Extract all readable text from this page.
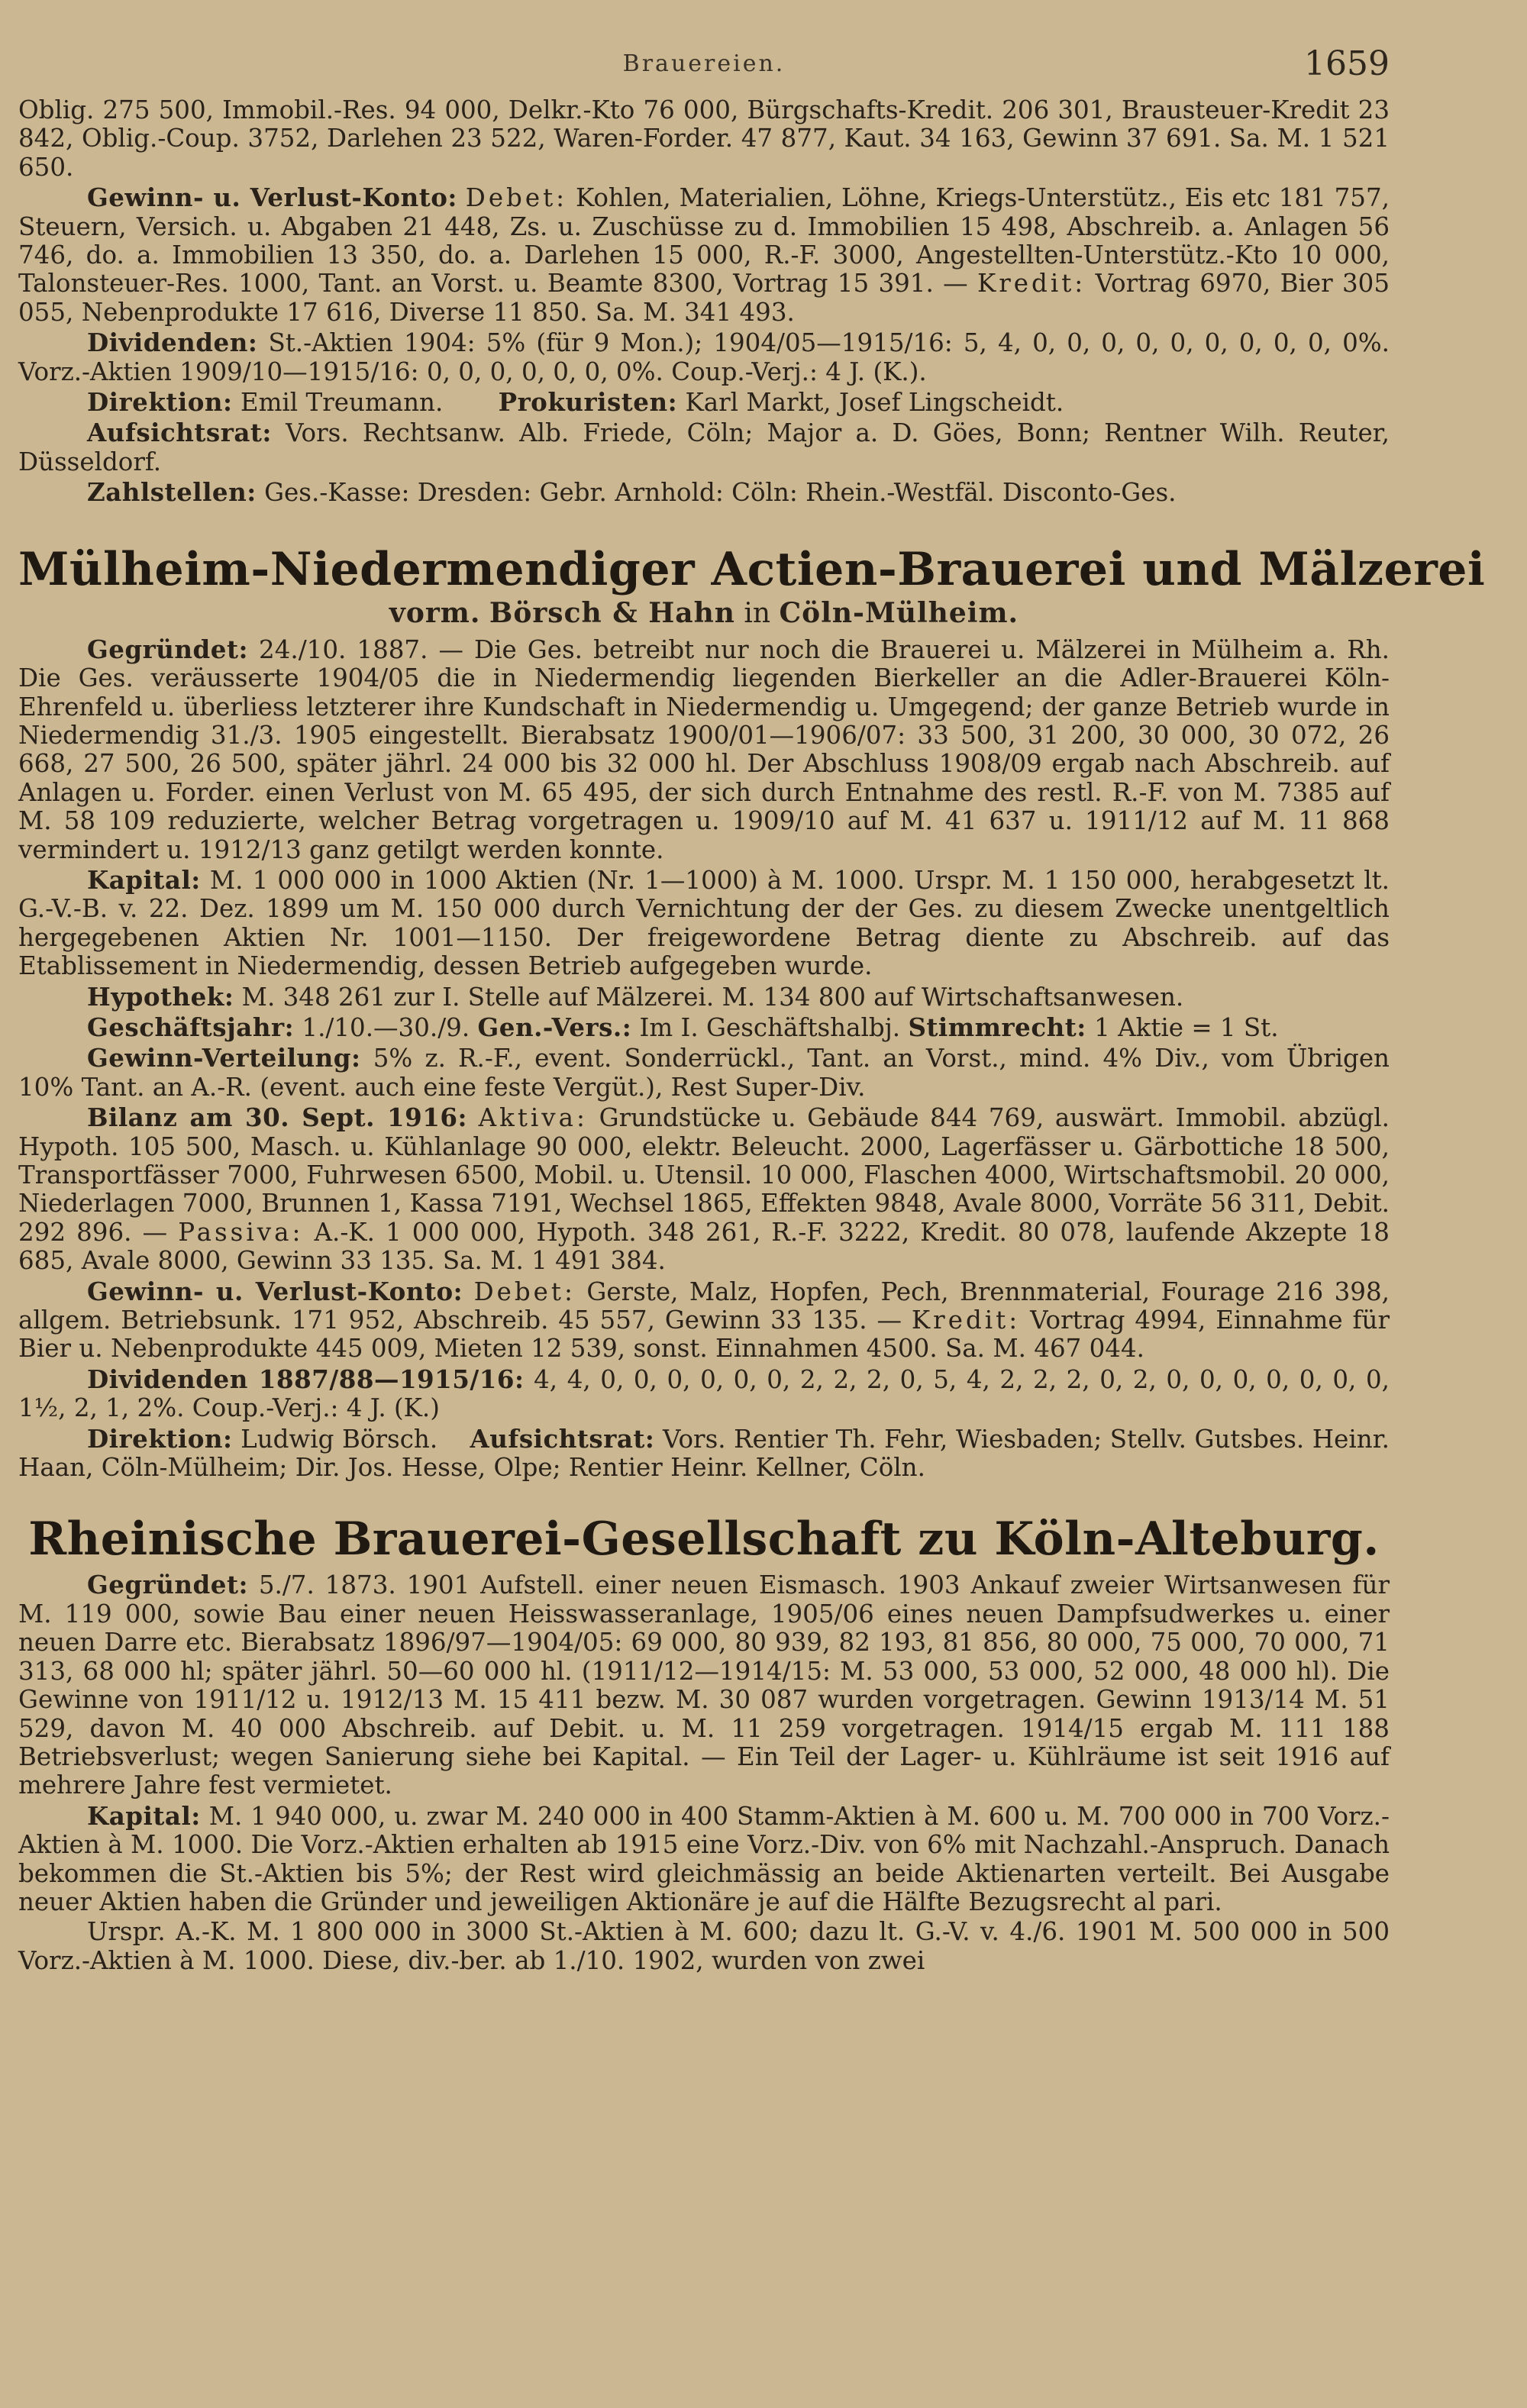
Brauereien.	1659

Oblig. 275 500, Immobil.-Res. 94 000, Delkr.-Kto 76 000, Bürgschafts-Kredit. 206 301, Brausteuer-Kredit 23 842, Oblig.-Coup. 3752, Darlehen 23 522, Waren-Forder. 47 877, Kaut. 34 163, Gewinn 37 691. Sa. M. 1 521 650.

Gewinn- u. Verlust-Konto: Debet: Kohlen, Materialien, Löhne, Kriegs-Unterstütz., Eis etc 181 757, Steuern, Versich. u. Abgaben 21 448, Zs. u. Zuschüsse zu d. Immobilien 15 498, Abschreib. a. Anlagen 56 746, do. a. Immobilien 13 350, do. a. Darlehen 15 000, R.-F. 3000, Angestellten-Unterstütz.-Kto 10 000, Talonsteuer-Res. 1000, Tant. an Vorst. u. Beamte 8300, Vortrag 15 391. — Kredit: Vortrag 6970, Bier 305 055, Nebenprodukte 17 616, Diverse 11 850. Sa. M. 341 493.

Dividenden: St.-Aktien 1904: 5% (für 9 Mon.); 1904/05—1915/16: 5, 4, 0, 0, 0, 0, 0, 0, 0, 0, 0, 0%. Vorz.-Aktien 1909/10—1915/16: 0, 0, 0, 0, 0, 0, 0%. Coup.-Verj.: 4 J. (K.).

Direktion: Emil Treumann. Prokuristen: Karl Markt, Josef Lingscheidt.

Aufsichtsrat: Vors. Rechtsanw. Alb. Friede, Cöln; Major a. D. Göes, Bonn; Rentner Wilh. Reuter, Düsseldorf.

Zahlstellen: Ges.-Kasse: Dresden: Gebr. Arnhold: Cöln: Rhein.-Westfäl. Disconto-Ges.

Mülheim-Niedermendiger Actien-Brauerei und Mälzerei
vorm. Börsch & Hahn in Cöln-Mülheim.

Gegründet: 24./10. 1887. — Die Ges. betreibt nur noch die Brauerei u. Mälzerei in Mülheim a. Rh. Die Ges. veräusserte 1904/05 die in Niedermendig liegenden Bierkeller an die Adler-Brauerei Köln-Ehrenfeld u. überliess letzterer ihre Kundschaft in Niedermendig u. Umgegend; der ganze Betrieb wurde in Niedermendig 31./3. 1905 eingestellt. Bierabsatz 1900/01—1906/07: 33 500, 31 200, 30 000, 30 072, 26 668, 27 500, 26 500, später jährl. 24 000 bis 32 000 hl. Der Abschluss 1908/09 ergab nach Abschreib. auf Anlagen u. Forder. einen Verlust von M. 65 495, der sich durch Entnahme des restl. R.-F. von M. 7385 auf M. 58 109 reduzierte, welcher Betrag vorgetragen u. 1909/10 auf M. 41 637 u. 1911/12 auf M. 11 868 vermindert u. 1912/13 ganz getilgt werden konnte.

Kapital: M. 1 000 000 in 1000 Aktien (Nr. 1—1000) à M. 1000. Urspr. M. 1 150 000, herabgesetzt lt. G.-V.-B. v. 22. Dez. 1899 um M. 150 000 durch Vernichtung der der Ges. zu diesem Zwecke unentgeltlich hergegebenen Aktien Nr. 1001—1150. Der freigewordene Betrag diente zu Abschreib. auf das Etablissement in Niedermendig, dessen Betrieb aufgegeben wurde.

Hypothek: M. 348 261 zur I. Stelle auf Mälzerei. M. 134 800 auf Wirtschaftsanwesen.

Geschäftsjahr: 1./10.—30./9. Gen.-Vers.: Im I. Geschäftshalbj. Stimmrecht: 1 Aktie = 1 St.

Gewinn-Verteilung: 5% z. R.-F., event. Sonderrückl., Tant. an Vorst., mind. 4% Div., vom Übrigen 10% Tant. an A.-R. (event. auch eine feste Vergüt.), Rest Super-Div.

Bilanz am 30. Sept. 1916: Aktiva: Grundstücke u. Gebäude 844 769, auswärt. Immobil. abzügl. Hypoth. 105 500, Masch. u. Kühlanlage 90 000, elektr. Beleucht. 2000, Lagerfässer u. Gärbottiche 18 500, Transportfässer 7000, Fuhrwesen 6500, Mobil. u. Utensil. 10 000, Flaschen 4000, Wirtschaftsmobil. 20 000, Niederlagen 7000, Brunnen 1, Kassa 7191, Wechsel 1865, Effekten 9848, Avale 8000, Vorräte 56 311, Debit. 292 896. — Passiva: A.-K. 1 000 000, Hypoth. 348 261, R.-F. 3222, Kredit. 80 078, laufende Akzepte 18 685, Avale 8000, Gewinn 33 135. Sa. M. 1 491 384.

Gewinn- u. Verlust-Konto: Debet: Gerste, Malz, Hopfen, Pech, Brennmaterial, Fourage 216 398, allgem. Betriebsunk. 171 952, Abschreib. 45 557, Gewinn 33 135. — Kredit: Vortrag 4994, Einnahme für Bier u. Nebenprodukte 445 009, Mieten 12 539, sonst. Einnahmen 4500. Sa. M. 467 044.

Dividenden 1887/88—1915/16: 4, 4, 0, 0, 0, 0, 0, 0, 2, 2, 2, 0, 5, 4, 2, 2, 2, 0, 2, 0, 0, 0, 0, 0, 0, 0, 1½, 2, 1, 2%. Coup.-Verj.: 4 J. (K.)

Direktion: Ludwig Börsch. Aufsichtsrat: Vors. Rentier Th. Fehr, Wiesbaden; Stellv. Gutsbes. Heinr. Haan, Cöln-Mülheim; Dir. Jos. Hesse, Olpe; Rentier Heinr. Kellner, Cöln.

Rheinische Brauerei-Gesellschaft zu Köln-Alteburg.

Gegründet: 5./7. 1873. 1901 Aufstell. einer neuen Eismasch. 1903 Ankauf zweier Wirtsanwesen für M. 119 000, sowie Bau einer neuen Heisswasseranlage, 1905/06 eines neuen Dampfsudwerkes u. einer neuen Darre etc. Bierabsatz 1896/97—1904/05: 69 000, 80 939, 82 193, 81 856, 80 000, 75 000, 70 000, 71 313, 68 000 hl; später jährl. 50—60 000 hl. (1911/12—1914/15: M. 53 000, 53 000, 52 000, 48 000 hl). Die Gewinne von 1911/12 u. 1912/13 M. 15 411 bezw. M. 30 087 wurden vorgetragen. Gewinn 1913/14 M. 51 529, davon M. 40 000 Abschreib. auf Debit. u. M. 11 259 vorgetragen. 1914/15 ergab M. 111 188 Betriebsverlust; wegen Sanierung siehe bei Kapital. — Ein Teil der Lager- u. Kühlräume ist seit 1916 auf mehrere Jahre fest vermietet.

Kapital: M. 1 940 000, u. zwar M. 240 000 in 400 Stamm-Aktien à M. 600 u. M. 700 000 in 700 Vorz.-Aktien à M. 1000. Die Vorz.-Aktien erhalten ab 1915 eine Vorz.-Div. von 6% mit Nachzahl.-Anspruch. Danach bekommen die St.-Aktien bis 5%; der Rest wird gleichmässig an beide Aktienarten verteilt. Bei Ausgabe neuer Aktien haben die Gründer und jeweiligen Aktionäre je auf die Hälfte Bezugsrecht al pari.

Urspr. A.-K. M. 1 800 000 in 3000 St.-Aktien à M. 600; dazu lt. G.-V. v. 4./6. 1901 M. 500 000 in 500 Vorz.-Aktien à M. 1000. Diese, div.-ber. ab 1./10. 1902, wurden von zwei
